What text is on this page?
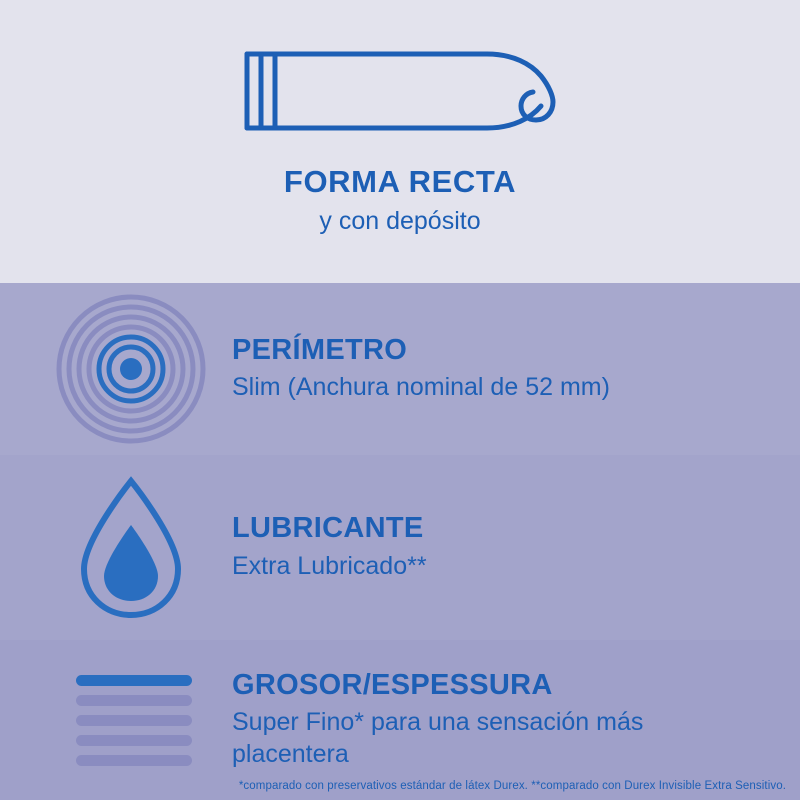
FORMA RECTA
y con depósito
PERÍMETRO
Slim (Anchura nominal de 52 mm)
LUBRICANTE
Extra Lubricado**
GROSOR/ESPESSURA
Super Fino* para una sensación más placentera
*comparado con preservativos estándar de látex Durex. **comparado con Durex Invisible Extra Sensitivo.
